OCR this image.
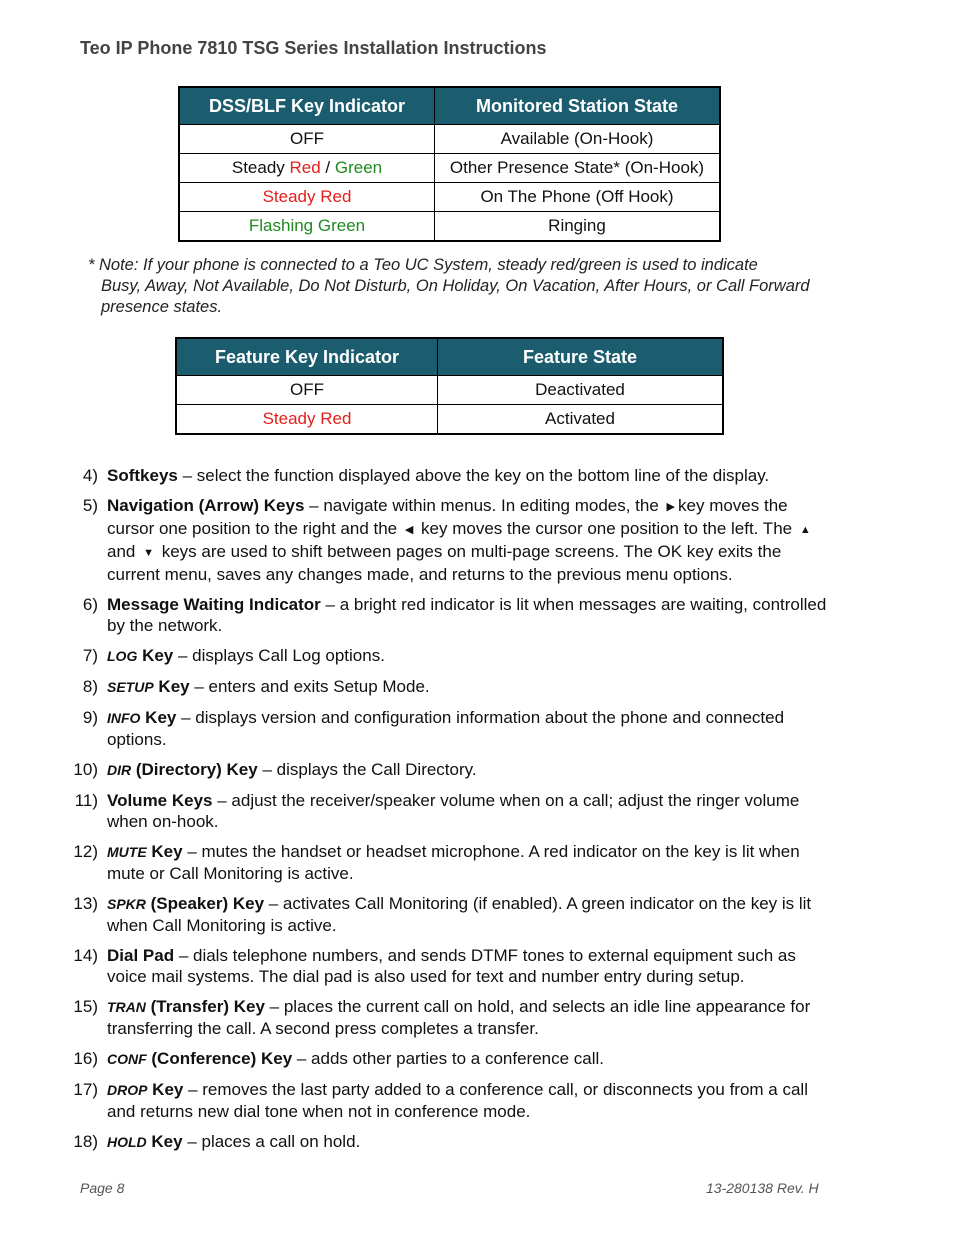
Teo IP Phone 7810 TSG Series Installation Instructions
DSS/BLF Key Indicator	Monitored Station State
OFF	Available (On-Hook)
Steady Red / Green	Other Presence State* (On-Hook)
Steady Red	On The Phone (Off Hook)
Flashing Green	Ringing
* Note: If your phone is connected to a Teo UC System, steady red/green is used to indicate
Busy, Away, Not Available, Do Not Disturb, On Holiday, On Vacation, After Hours, or Call Forward presence states.
Feature Key Indicator	Feature State
OFF	Deactivated
Steady Red	Activated
4) Softkeys – select the function displayed above the key on the bottom line of the display.
5) Navigation (Arrow) Keys – navigate within menus. In editing modes, the ▶ key moves the cursor one position to the right and the ◀ key moves the cursor one position to the left. The ▲ and ▼ keys are used to shift between pages on multi-page screens. The OK key exits the current menu, saves any changes made, and returns to the previous menu options.
6) Message Waiting Indicator – a bright red indicator is lit when messages are waiting, controlled by the network.
7) LOG Key – displays Call Log options.
8) SETUP Key – enters and exits Setup Mode.
9) INFO Key – displays version and configuration information about the phone and connected options.
10) DIR (Directory) Key – displays the Call Directory.
11) Volume Keys – adjust the receiver/speaker volume when on a call; adjust the ringer volume when on-hook.
12) MUTE Key – mutes the handset or headset microphone. A red indicator on the key is lit when mute or Call Monitoring is active.
13) SPKR (Speaker) Key – activates Call Monitoring (if enabled). A green indicator on the key is lit when Call Monitoring is active.
14) Dial Pad – dials telephone numbers, and sends DTMF tones to external equipment such as voice mail systems. The dial pad is also used for text and number entry during setup.
15) TRAN (Transfer) Key – places the current call on hold, and selects an idle line appearance for transferring the call. A second press completes a transfer.
16) CONF (Conference) Key – adds other parties to a conference call.
17) DROP Key – removes the last party added to a conference call, or disconnects you from a call and returns new dial tone when not in conference mode.
18) HOLD Key – places a call on hold.
Page 8	13-280138 Rev. H
